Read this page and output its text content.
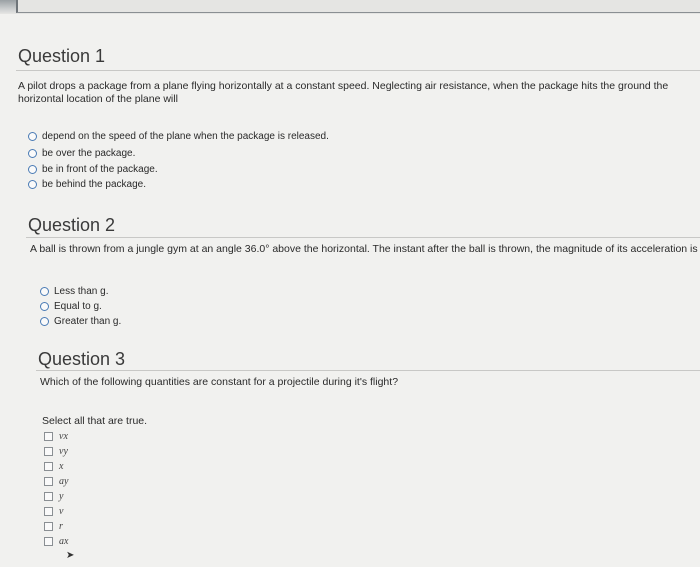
Question 1
A pilot drops a package from a plane flying horizontally at a constant speed. Neglecting air resistance, when the package hits the ground the horizontal location of the plane will
depend on the speed of the plane when the package is released.
be over the package.
be in front of the package.
be behind the package.
Question 2
A ball is thrown from a jungle gym at an angle 36.0° above the horizontal. The instant after the ball is thrown, the magnitude of its acceleration is
Less than g.
Equal to g.
Greater than g.
Question 3
Which of the following quantities are constant for a projectile during it's flight?
Select all that are true.
vx
vy
x
ay
y
v
r
ax
➤
